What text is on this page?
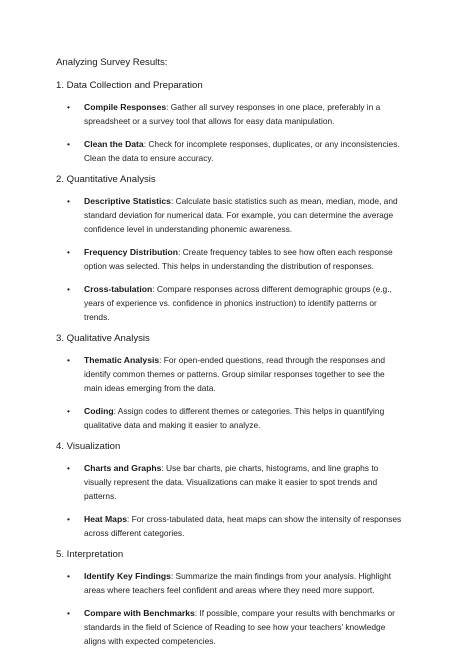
Analyzing Survey Results:
1. Data Collection and Preparation
• Compile Responses: Gather all survey responses in one place, preferably in a spreadsheet or a survey tool that allows for easy data manipulation.
• Clean the Data: Check for incomplete responses, duplicates, or any inconsistencies. Clean the data to ensure accuracy.
2. Quantitative Analysis
• Descriptive Statistics: Calculate basic statistics such as mean, median, mode, and standard deviation for numerical data. For example, you can determine the average confidence level in understanding phonemic awareness.
• Frequency Distribution: Create frequency tables to see how often each response option was selected. This helps in understanding the distribution of responses.
• Cross-tabulation: Compare responses across different demographic groups (e.g., years of experience vs. confidence in phonics instruction) to identify patterns or trends.
3. Qualitative Analysis
• Thematic Analysis: For open-ended questions, read through the responses and identify common themes or patterns. Group similar responses together to see the main ideas emerging from the data.
• Coding: Assign codes to different themes or categories. This helps in quantifying qualitative data and making it easier to analyze.
4. Visualization
• Charts and Graphs: Use bar charts, pie charts, histograms, and line graphs to visually represent the data. Visualizations can make it easier to spot trends and patterns.
• Heat Maps: For cross-tabulated data, heat maps can show the intensity of responses across different categories.
5. Interpretation
• Identify Key Findings: Summarize the main findings from your analysis. Highlight areas where teachers feel confident and areas where they need more support.
• Compare with Benchmarks: If possible, compare your results with benchmarks or standards in the field of Science of Reading to see how your teachers’ knowledge aligns with expected competencies.
